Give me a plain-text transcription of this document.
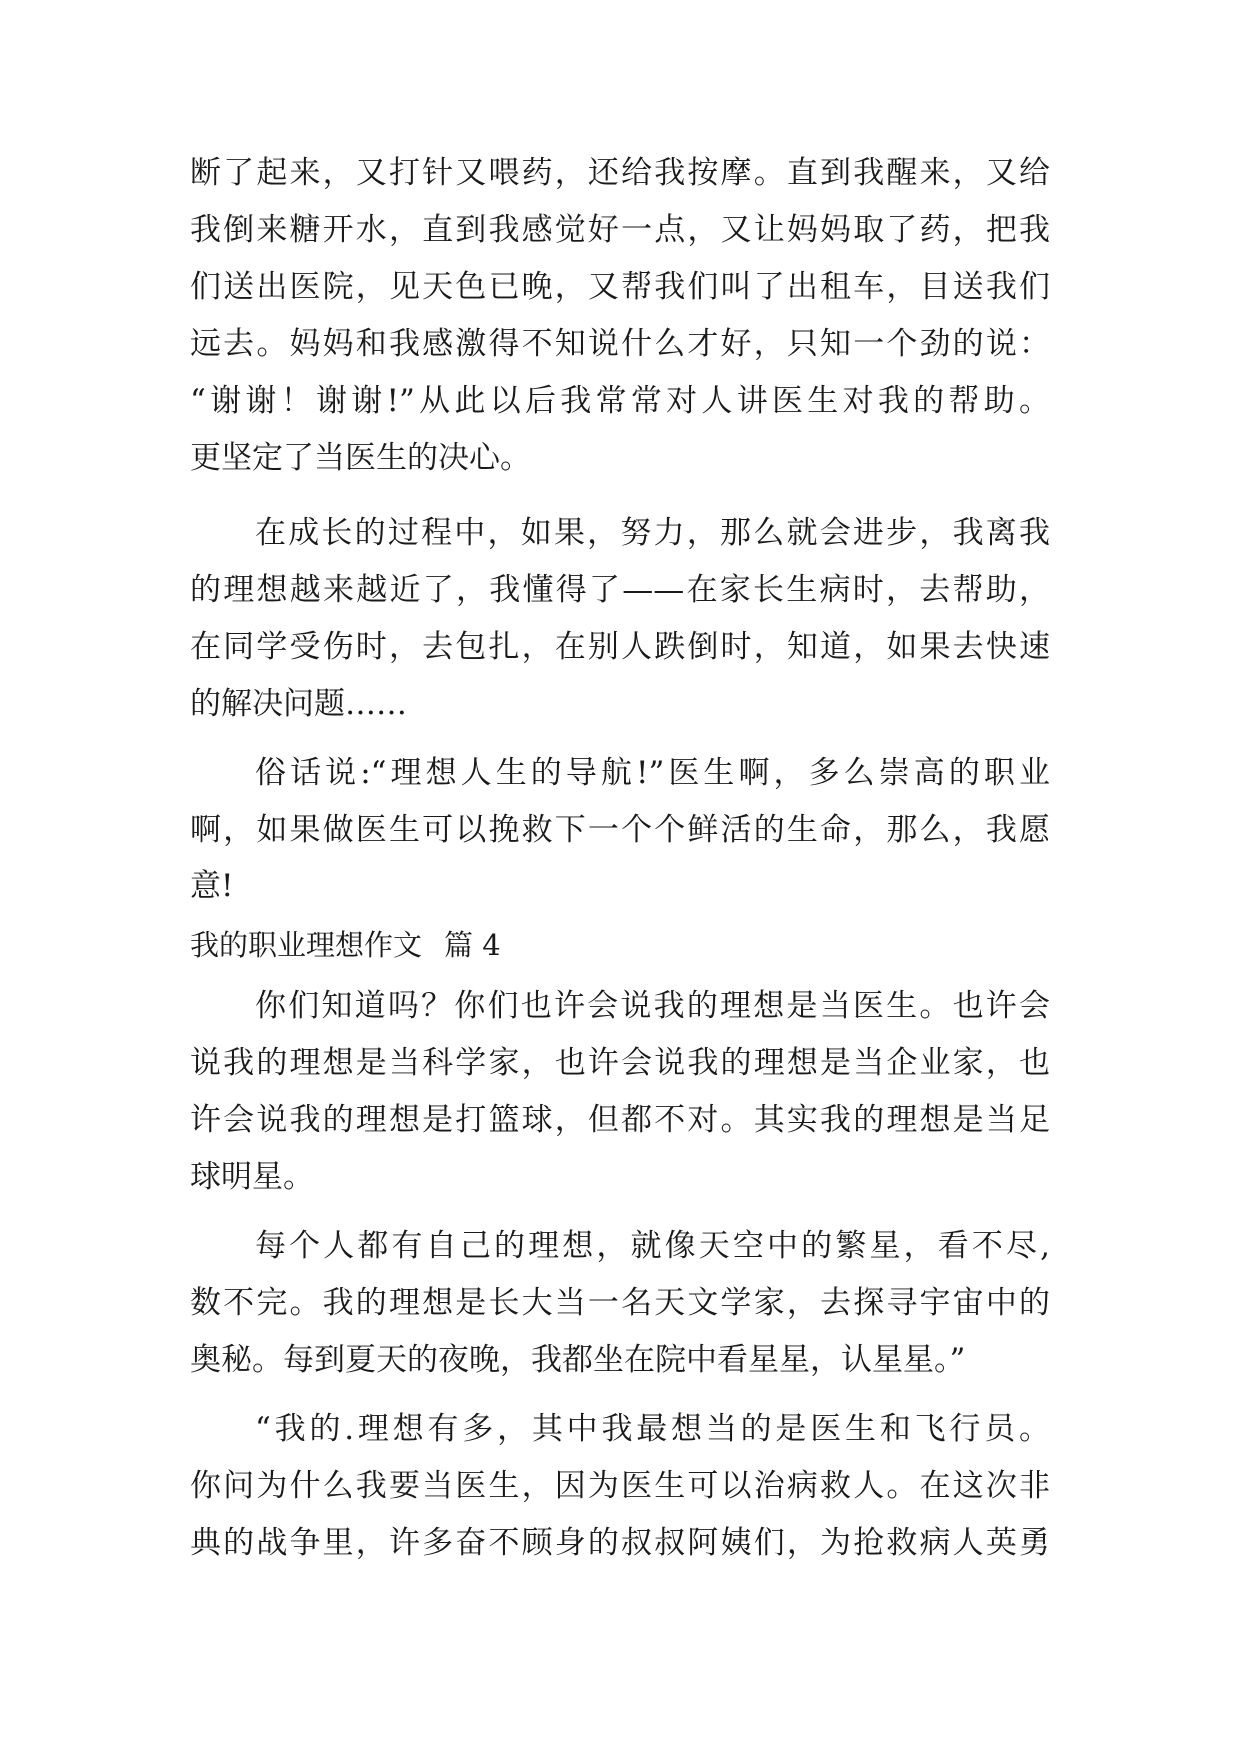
断了起来，又打针又喂药，还给我按摩。直到我醒来，又给
我倒来糖开水，直到我感觉好一点，又让妈妈取了药，把我
们送出医院，见天色已晚，又帮我们叫了出租车，目送我们
远去。妈妈和我感激得不知说什么才好，只知一个劲的说：
“谢谢！谢谢!”从此以后我常常对人讲医生对我的帮助。
更坚定了当医生的决心。
在成长的过程中，如果，努力，那么就会进步，我离我
的理想越来越近了，我懂得了——在家长生病时，去帮助，
在同学受伤时，去包扎，在别人跌倒时，知道，如果去快速
的解决问题……
俗话说:“理想人生的导航!”医生啊，多么崇高的职业
啊，如果做医生可以挽救下一个个鲜活的生命，那么，我愿
意!
我的职业理想作文 篇 4
你们知道吗？你们也许会说我的理想是当医生。也许会
说我的理想是当科学家，也许会说我的理想是当企业家，也
许会说我的理想是打篮球，但都不对。其实我的理想是当足
球明星。
每个人都有自己的理想，就像天空中的繁星，看不尽,
数不完。我的理想是长大当一名天文学家，去探寻宇宙中的
奥秘。每到夏天的夜晚，我都坐在院中看星星，认星星。”
“我的.理想有多，其中我最想当的是医生和飞行员。
你问为什么我要当医生，因为医生可以治病救人。在这次非
典的战争里，许多奋不顾身的叔叔阿姨们，为抢救病人英勇
